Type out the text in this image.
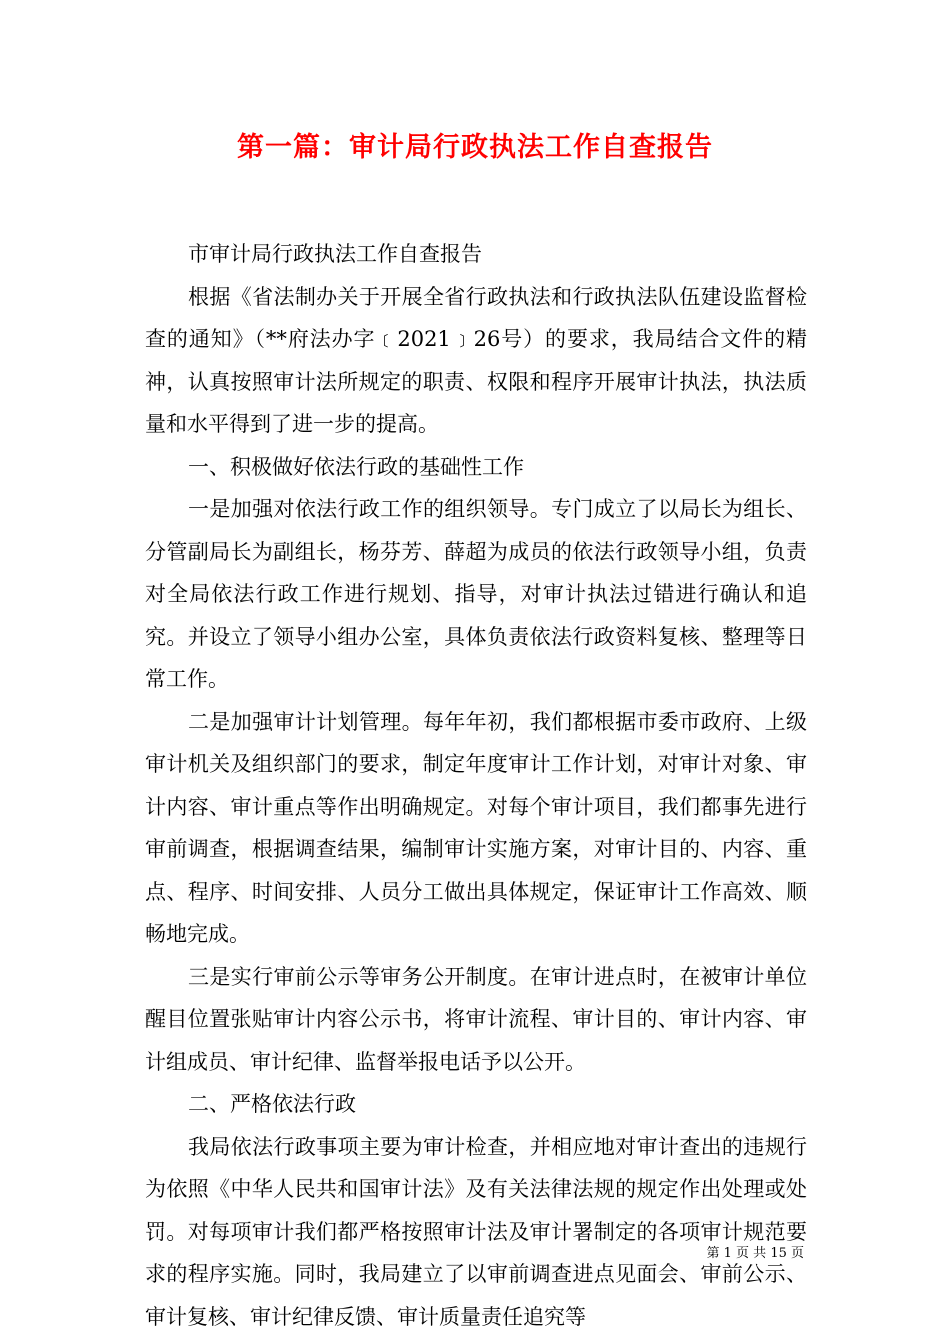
第一篇：审计局行政执法工作自查报告

市审计局行政执法工作自查报告

根据《省法制办关于开展全省行政执法和行政执法队伍建设监督检查的通知》（**府法办字﹝2021﹞26号）的要求，我局结合文件的精神，认真按照审计法所规定的职责、权限和程序开展审计执法，执法质量和水平得到了进一步的提高。

一、积极做好依法行政的基础性工作

一是加强对依法行政工作的组织领导。专门成立了以局长为组长、分管副局长为副组长，杨芬芳、薛超为成员的依法行政领导小组，负责对全局依法行政工作进行规划、指导，对审计执法过错进行确认和追究。并设立了领导小组办公室，具体负责依法行政资料复核、整理等日常工作。

二是加强审计计划管理。每年年初，我们都根据市委市政府、上级审计机关及组织部门的要求，制定年度审计工作计划，对审计对象、审计内容、审计重点等作出明确规定。对每个审计项目，我们都事先进行审前调查，根据调查结果，编制审计实施方案，对审计目的、内容、重点、程序、时间安排、人员分工做出具体规定，保证审计工作高效、顺畅地完成。

三是实行审前公示等审务公开制度。在审计进点时，在被审计单位醒目位置张贴审计内容公示书，将审计流程、审计目的、审计内容、审计组成员、审计纪律、监督举报电话予以公开。

二、严格依法行政

我局依法行政事项主要为审计检查，并相应地对审计查出的违规行为依照《中华人民共和国审计法》及有关法律法规的规定作出处理或处罚。对每项审计我们都严格按照审计法及审计署制定的各项审计规范要求的程序实施。同时，我局建立了以审前调查进点见面会、审前公示、审计复核、审计纪律反馈、审计质量责任追究等

第 1 页 共 15 页
